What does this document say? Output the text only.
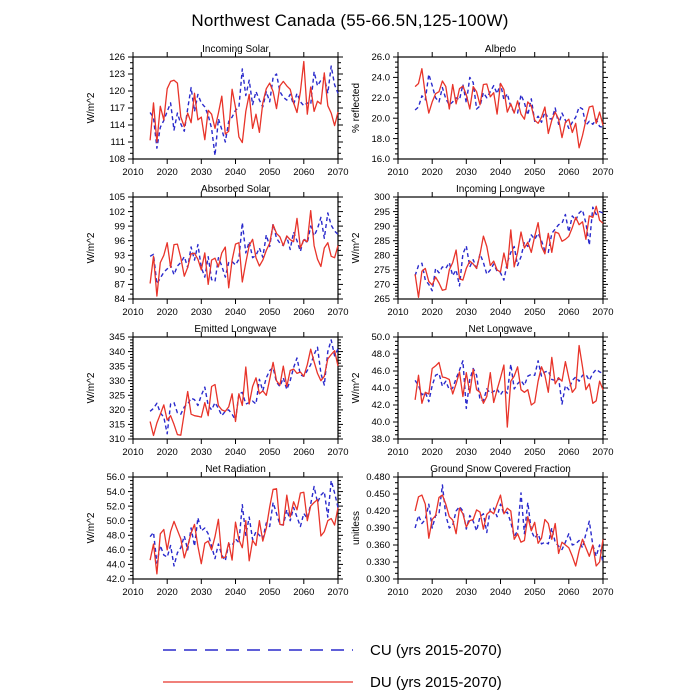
Northwest Canada (55-66.5N,125-100W)
Incoming Solar
W/m^2
108
111
114
117
120
123
126
2010 2020 2030 2040 2050 2060 2070
Albedo
% reflected
16.0
18.0
20.0
22.0
24.0
26.0
2010 2020 2030 2040 2050 2060 2070
Absorbed Solar
W/m^2
84
87
90
93
96
99
102
105
2010 2020 2030 2040 2050 2060 2070
Incoming Longwave
W/m^2
265
270
275
280
285
290
295
300
2010 2020 2030 2040 2050 2060 2070
Emitted Longwave
W/m^2
310
315
320
325
330
335
340
345
2010 2020 2030 2040 2050 2060 2070
Net Longwave
W/m^2
38.0
40.0
42.0
44.0
46.0
48.0
50.0
2010 2020 2030 2040 2050 2060 2070
Net Radiation
W/m^2
42.0
44.0
46.0
48.0
50.0
52.0
54.0
56.0
2010 2020 2030 2040 2050 2060 2070
Ground Snow Covered Fraction
unitless
0.300
0.330
0.360
0.390
0.420
0.450
0.480
2010 2020 2030 2040 2050 2060 2070
CU (yrs 2015-2070)
DU (yrs 2015-2070)
